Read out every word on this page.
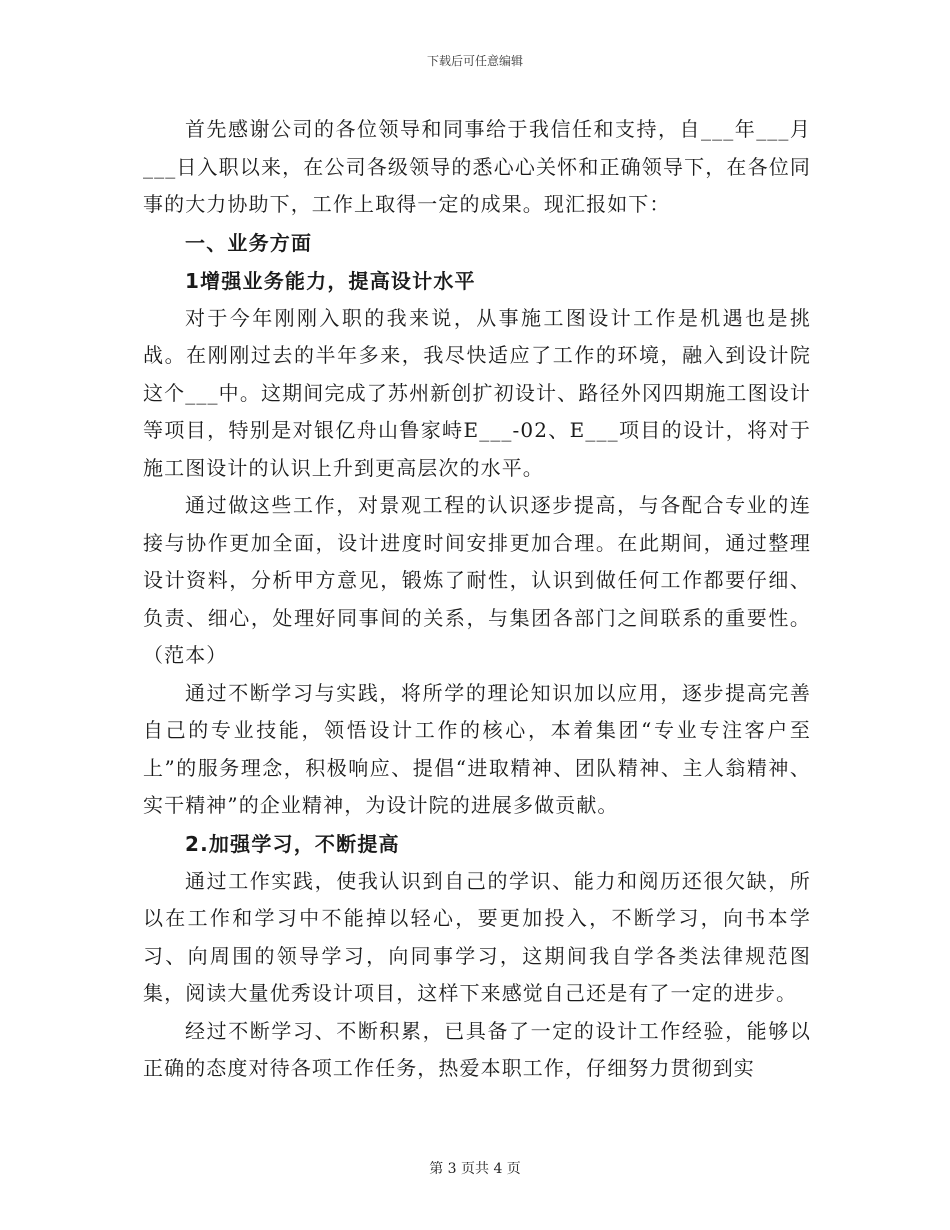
下载后可任意编辑

首先感谢公司的各位领导和同事给于我信任和支持，自___年___月___日入职以来，在公司各级领导的悉心心关怀和正确领导下，在各位同事的大力协助下，工作上取得一定的成果。现汇报如下：

一、业务方面

1增强业务能力，提高设计水平

对于今年刚刚入职的我来说，从事施工图设计工作是机遇也是挑战。在刚刚过去的半年多来，我尽快适应了工作的环境，融入到设计院这个___中。这期间完成了苏州新创扩初设计、路径外冈四期施工图设计等项目，特别是对银亿舟山鲁家峙E___-02、E___项目的设计，将对于施工图设计的认识上升到更高层次的水平。

通过做这些工作，对景观工程的认识逐步提高，与各配合专业的连接与协作更加全面，设计进度时间安排更加合理。在此期间，通过整理设计资料，分析甲方意见，锻炼了耐性，认识到做任何工作都要仔细、负责、细心，处理好同事间的关系，与集团各部门之间联系的重要性。（范本）

通过不断学习与实践，将所学的理论知识加以应用，逐步提高完善自己的专业技能，领悟设计工作的核心，本着集团“专业专注客户至上”的服务理念，积极响应、提倡“进取精神、团队精神、主人翁精神、实干精神”的企业精神，为设计院的进展多做贡献。

2.加强学习，不断提高

通过工作实践，使我认识到自己的学识、能力和阅历还很欠缺，所以在工作和学习中不能掉以轻心，要更加投入，不断学习，向书本学习、向周围的领导学习，向同事学习，这期间我自学各类法律规范图集，阅读大量优秀设计项目，这样下来感觉自己还是有了一定的进步。

经过不断学习、不断积累，已具备了一定的设计工作经验，能够以正确的态度对待各项工作任务，热爱本职工作，仔细努力贯彻到实

第 3 页共 4 页
